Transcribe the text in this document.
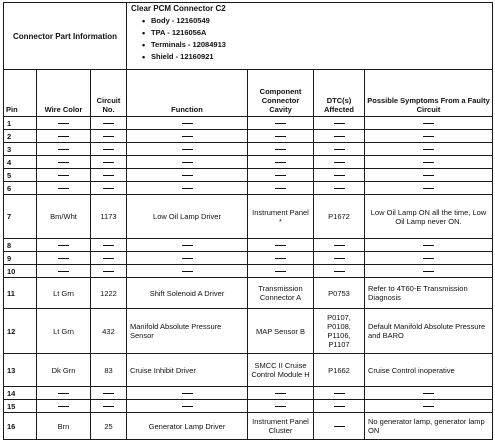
Connector Part Information

Clear PCM Connector C2
• Body - 12160549
• TPA - 1216056A
• Terminals - 12084913
• Shield - 12160921
Pin	Wire Color	Circuit No.	Function	Component Connector Cavity	DTC(s) Affected	Possible Symptoms From a Faulty Circuit
1						
2						
3						
4						
5						
6						
7	Bm/Wht	1173	Low Oil Lamp Driver	Instrument Panel *	P1672	Low Oil Lamp ON all the time, Low Oil Lamp never ON.
8						
9						
10						
11	Lt Grn	1222	Shift Solenoid A Driver	Transmission Connector A	P0753	Refer to 4T60-E Transmission Diagnosis
12	Lt Grn	432	Manifold Absolute Pressure Sensor	MAP Sensor B	P0107, P0108, P1106, P1107	Default Manifold Absolute Pressure and BARO
13	Dk Grn	83	Cruise Inhibit Driver	SMCC II Cruise Control Module H	P1662	Cruise Control inoperative
14						
15						
16	Brn	25	Generator Lamp Driver	Instrument Panel Cluster		No generator lamp, generator lamp ON
